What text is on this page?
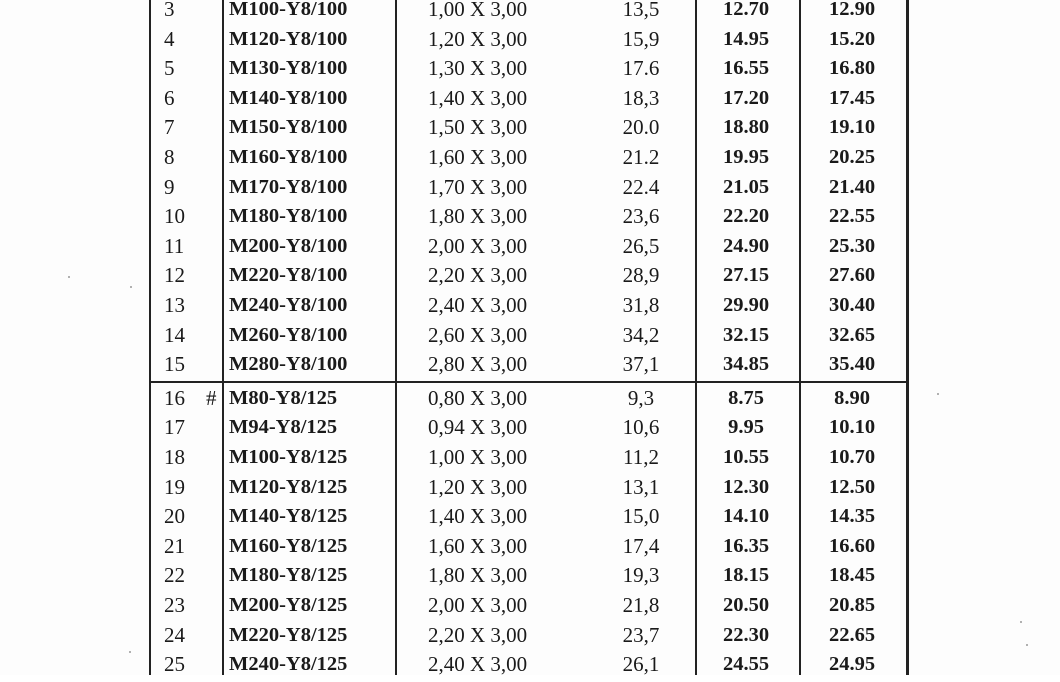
3	M100-Y8/100	1,00 X 3,00	13,5	12.70	12.90
4	M120-Y8/100	1,20 X 3,00	15,9	14.95	15.20
5	M130-Y8/100	1,30 X 3,00	17.6	16.55	16.80
6	M140-Y8/100	1,40 X 3,00	18,3	17.20	17.45
7	M150-Y8/100	1,50 X 3,00	20.0	18.80	19.10
8	M160-Y8/100	1,60 X 3,00	21.2	19.95	20.25
9	M170-Y8/100	1,70 X 3,00	22.4	21.05	21.40
10	M180-Y8/100	1,80 X 3,00	23,6	22.20	22.55
11	M200-Y8/100	2,00 X 3,00	26,5	24.90	25.30
12	M220-Y8/100	2,20 X 3,00	28,9	27.15	27.60
13	M240-Y8/100	2,40 X 3,00	31,8	29.90	30.40
14	M260-Y8/100	2,60 X 3,00	34,2	32.15	32.65
15	M280-Y8/100	2,80 X 3,00	37,1	34.85	35.40
16	# M80-Y8/125	0,80 X 3,00	9,3	8.75	8.90
17	M94-Y8/125	0,94 X 3,00	10,6	9.95	10.10
18	M100-Y8/125	1,00 X 3,00	11,2	10.55	10.70
19	M120-Y8/125	1,20 X 3,00	13,1	12.30	12.50
20	M140-Y8/125	1,40 X 3,00	15,0	14.10	14.35
21	M160-Y8/125	1,60 X 3,00	17,4	16.35	16.60
22	M180-Y8/125	1,80 X 3,00	19,3	18.15	18.45
23	M200-Y8/125	2,00 X 3,00	21,8	20.50	20.85
24	M220-Y8/125	2,20 X 3,00	23,7	22.30	22.65
25	M240-Y8/125	2,40 X 3,00	26,1	24.55	24.95
